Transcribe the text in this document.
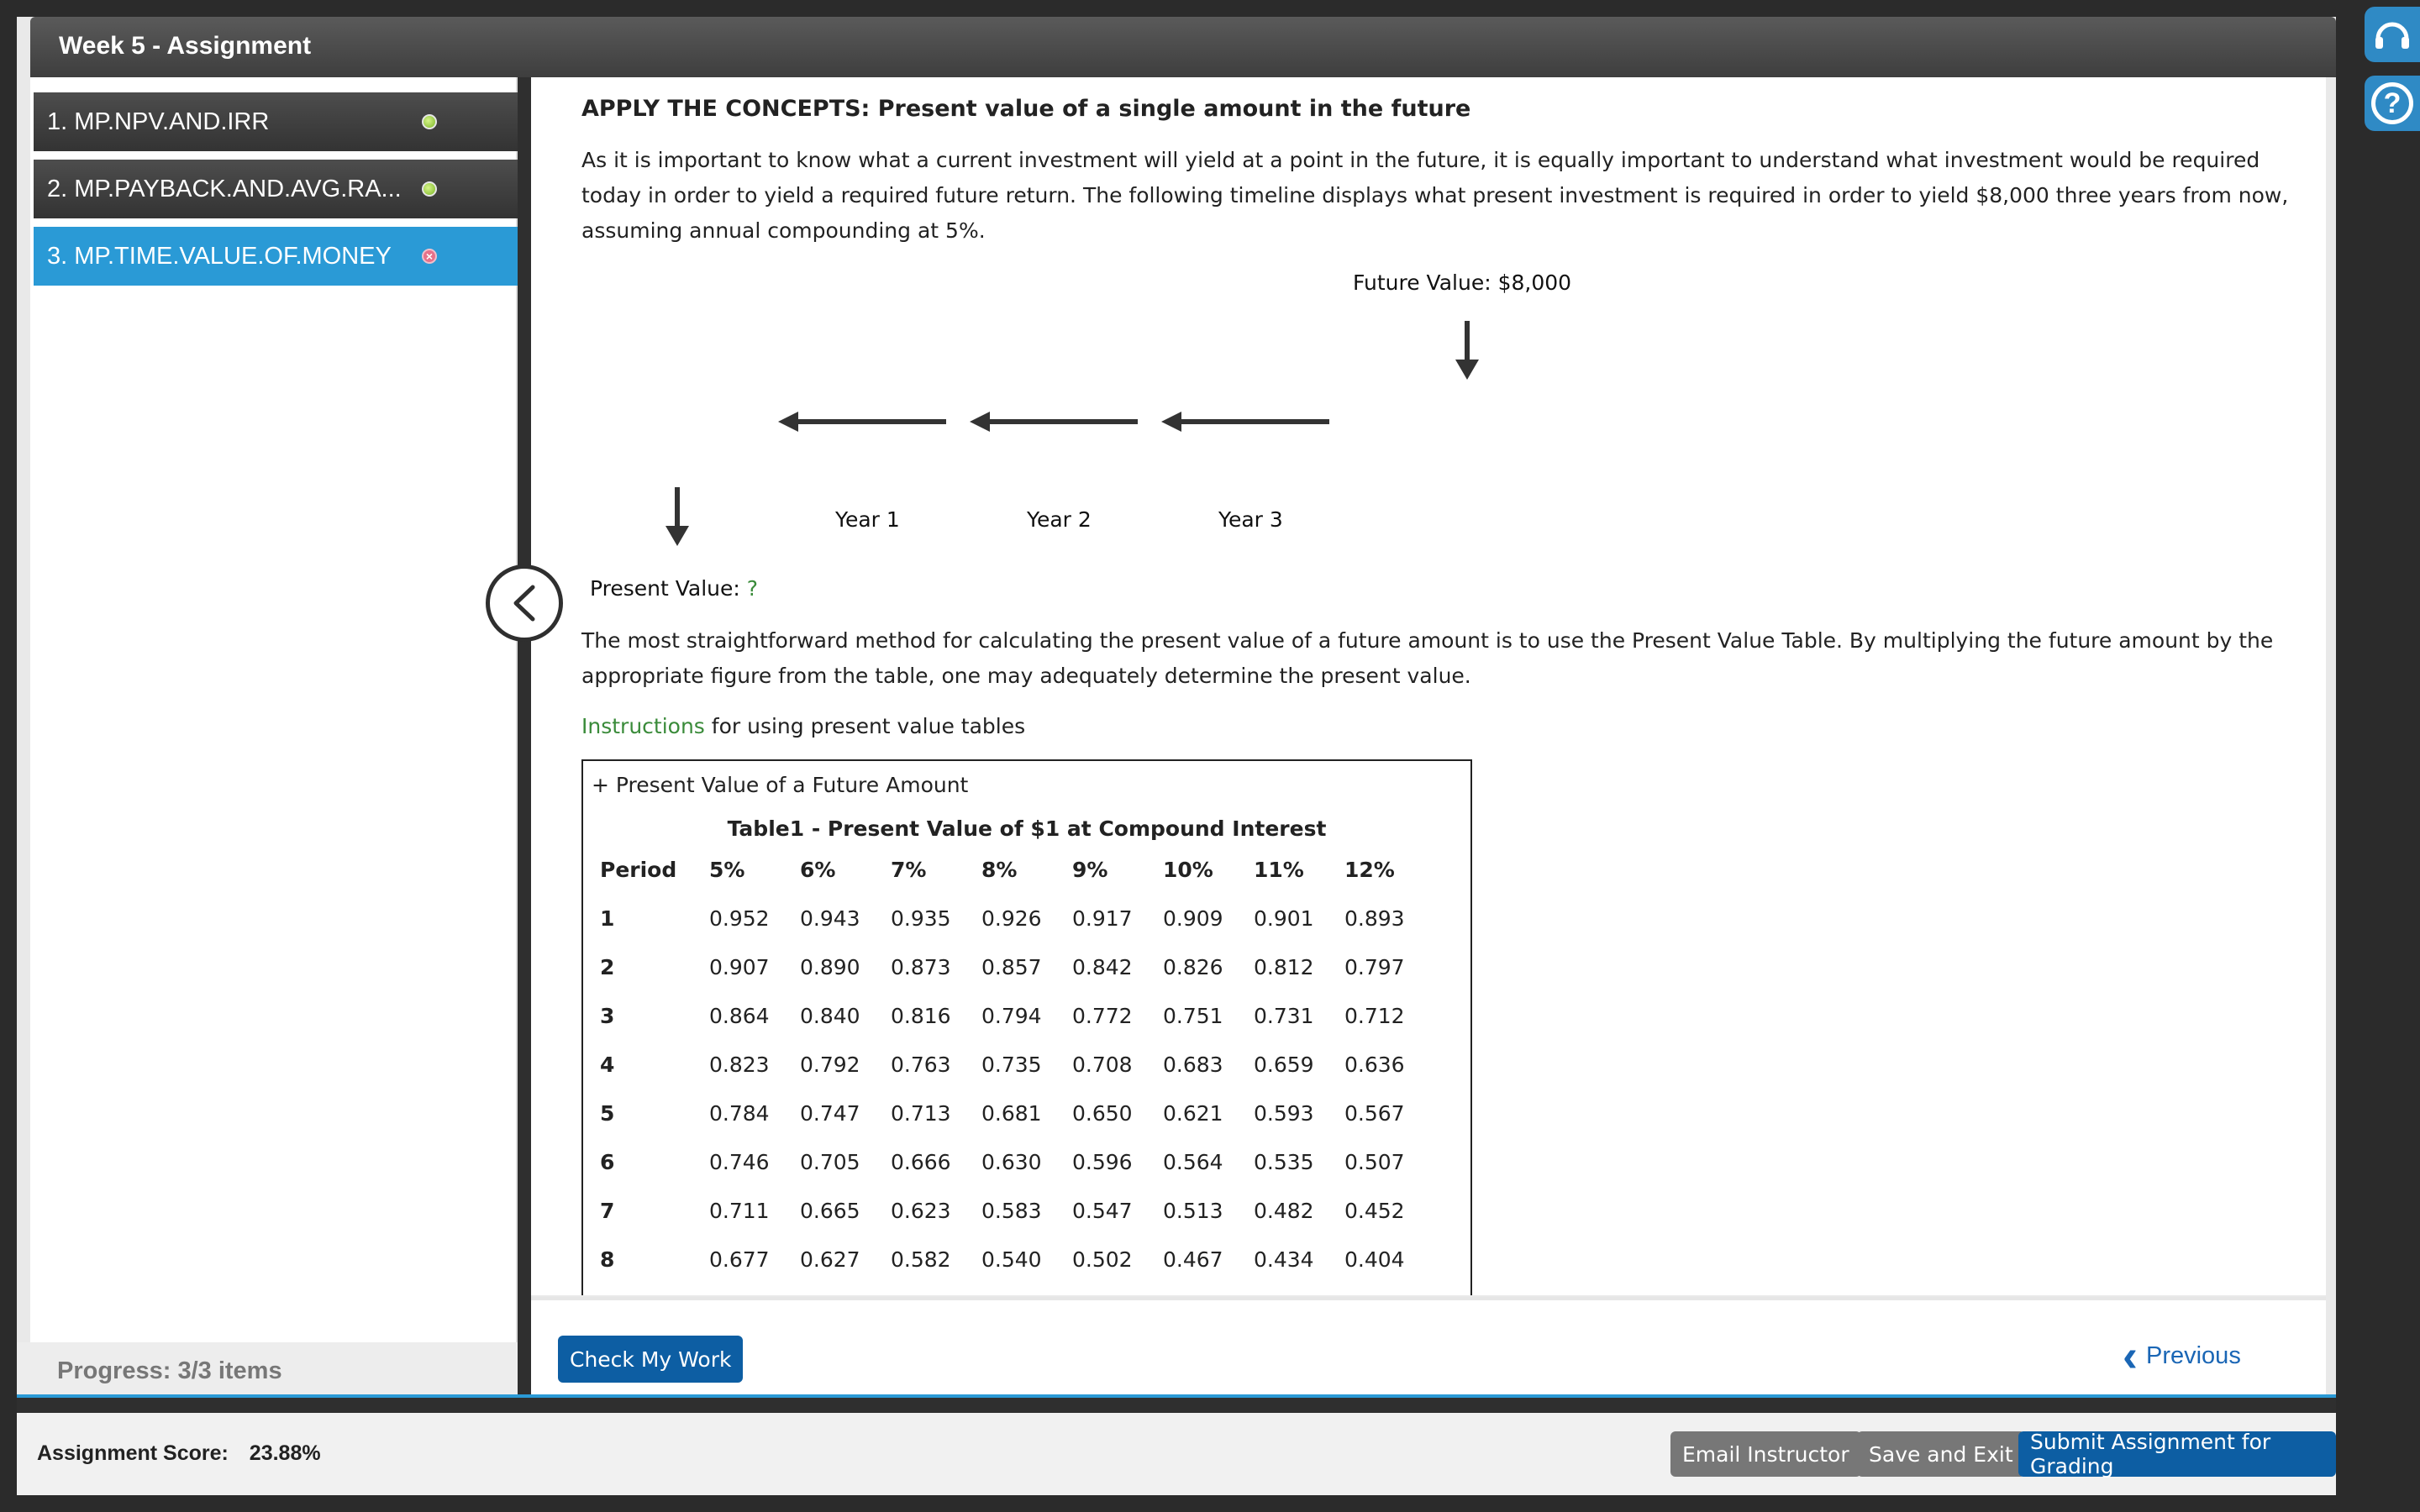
Week 5 - Assignment
?
1. MP.NPV.AND.IRR
2. MP.PAYBACK.AND.AVG.RA...
3. MP.TIME.VALUE.OF.MONEY	×
Progress: 3/3 items
APPLY THE CONCEPTS: Present value of a single amount in the future

As it is important to know what a current investment will yield at a point in the future, it is equally important to understand what investment would be required today in order to yield a required future return. The following timeline displays what present investment is required in order to yield $8,000 three years from now, assuming annual compounding at 5%.

Future Value: $8,000
Year 1	Year 2	Year 3
Present Value: ?

The most straightforward method for calculating the present value of a future amount is to use the Present Value Table. By multiplying the future amount by the appropriate figure from the table, one may adequately determine the present value.

Instructions for using present value tables
+ Present Value of a Future Amount
Table1 - Present Value of $1 at Compound Interest
Period	5%	6%	7%	8%	9%	10%	11%	12%
1	0.952	0.943	0.935	0.926	0.917	0.909	0.901	0.893
2	0.907	0.890	0.873	0.857	0.842	0.826	0.812	0.797
3	0.864	0.840	0.816	0.794	0.772	0.751	0.731	0.712
4	0.823	0.792	0.763	0.735	0.708	0.683	0.659	0.636
5	0.784	0.747	0.713	0.681	0.650	0.621	0.593	0.567
6	0.746	0.705	0.666	0.630	0.596	0.564	0.535	0.507
7	0.711	0.665	0.623	0.583	0.547	0.513	0.482	0.452
8	0.677	0.627	0.582	0.540	0.502	0.467	0.434	0.404
Check My Work	‹ Previous
Assignment Score: 23.88%	Email Instructor Save and Exit Submit Assignment for Grading
